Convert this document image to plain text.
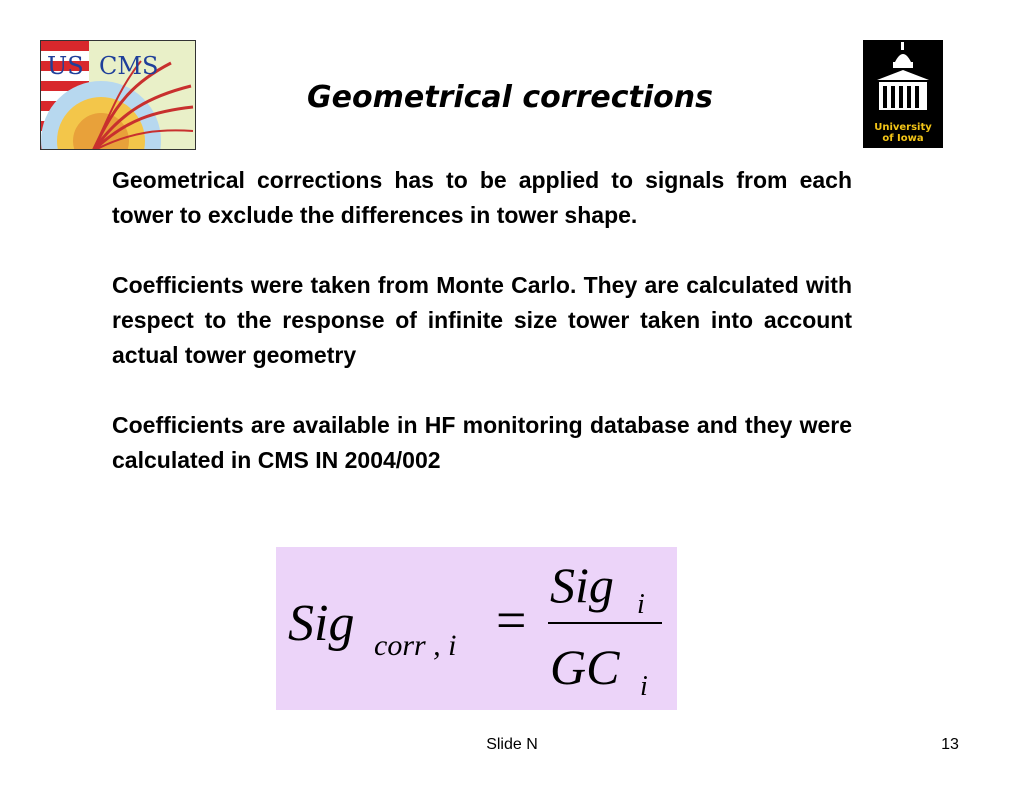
US CMS
Geometrical corrections
University
of Iowa

Geometrical corrections has to be applied to signals from each tower to exclude the differences in tower shape.

Coefficients were taken from Monte Carlo. They are calculated with respect to the response of infinite size tower taken into account actual tower geometry

Coefficients are available in HF monitoring database and they were calculated in CMS IN 2004/002

Sig corr , i
Sig i
GC i
=
Slide N	13
